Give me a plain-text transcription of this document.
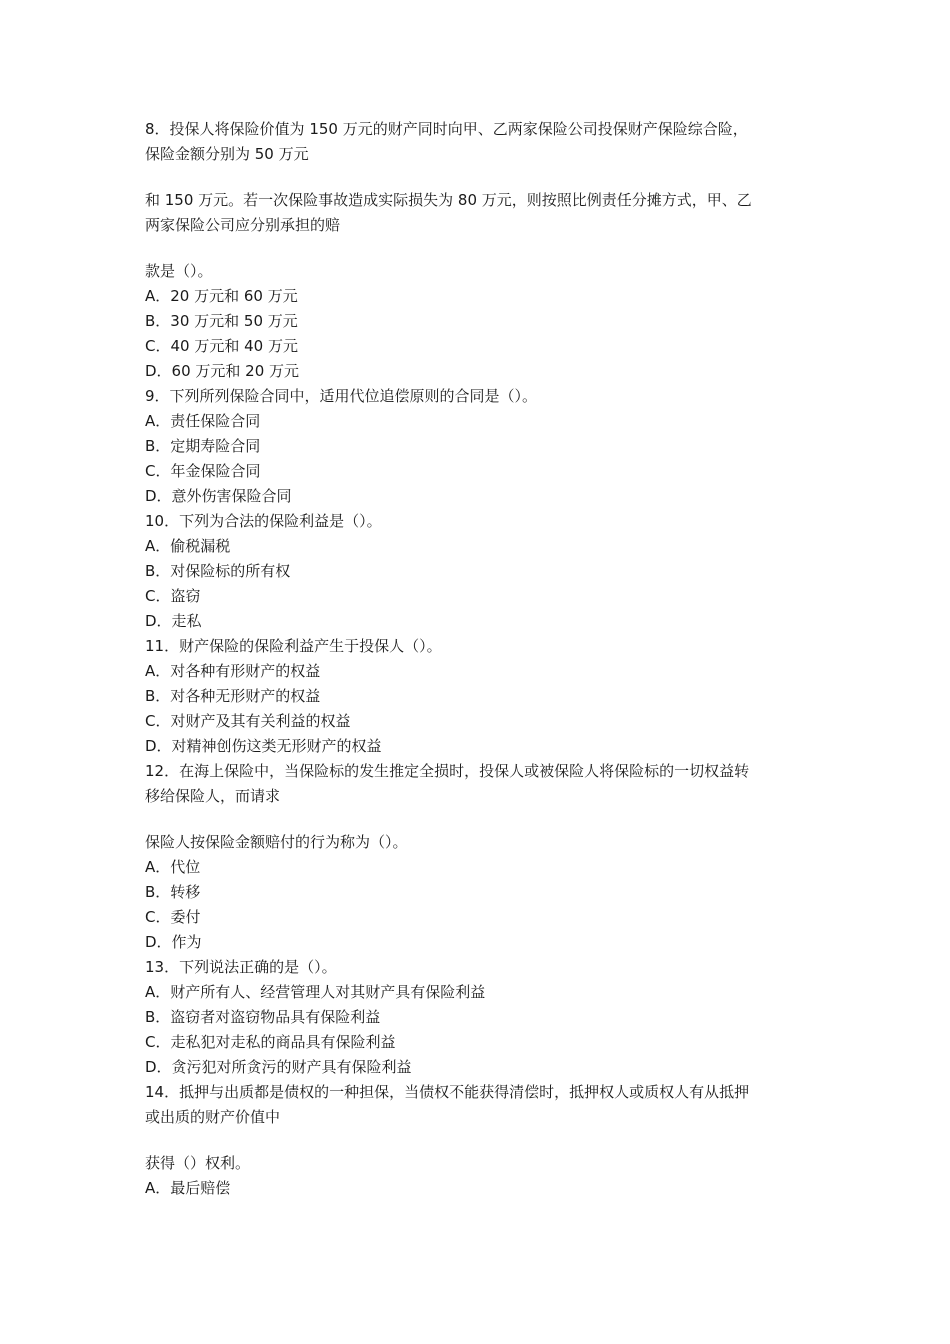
8．投保人将保险价值为 150 万元的财产同时向甲、乙两家保险公司投保财产保险综合险，
保险金额分别为 50 万元
和 150 万元。若一次保险事故造成实际损失为 80 万元，则按照比例责任分摊方式，甲、乙
两家保险公司应分别承担的赔
款是（）。
A．20 万元和 60 万元
B．30 万元和 50 万元
C．40 万元和 40 万元
D．60 万元和 20 万元
9．下列所列保险合同中，适用代位追偿原则的合同是（）。
A．责任保险合同
B．定期寿险合同
C．年金保险合同
D．意外伤害保险合同
10．下列为合法的保险利益是（）。
A．偷税漏税
B．对保险标的所有权
C．盗窃
D．走私
11．财产保险的保险利益产生于投保人（）。
A．对各种有形财产的权益
B．对各种无形财产的权益
C．对财产及其有关利益的权益
D．对精神创伤这类无形财产的权益
12．在海上保险中，当保险标的发生推定全损时，投保人或被保险人将保险标的一切权益转
移给保险人，而请求
保险人按保险金额赔付的行为称为（）。
A．代位
B．转移
C．委付
D．作为
13．下列说法正确的是（）。
A．财产所有人、经营管理人对其财产具有保险利益
B．盗窃者对盗窃物品具有保险利益
C．走私犯对走私的商品具有保险利益
D．贪污犯对所贪污的财产具有保险利益
14．抵押与出质都是债权的一种担保，当债权不能获得清偿时，抵押权人或质权人有从抵押
或出质的财产价值中
获得（）权利。
A．最后赔偿
